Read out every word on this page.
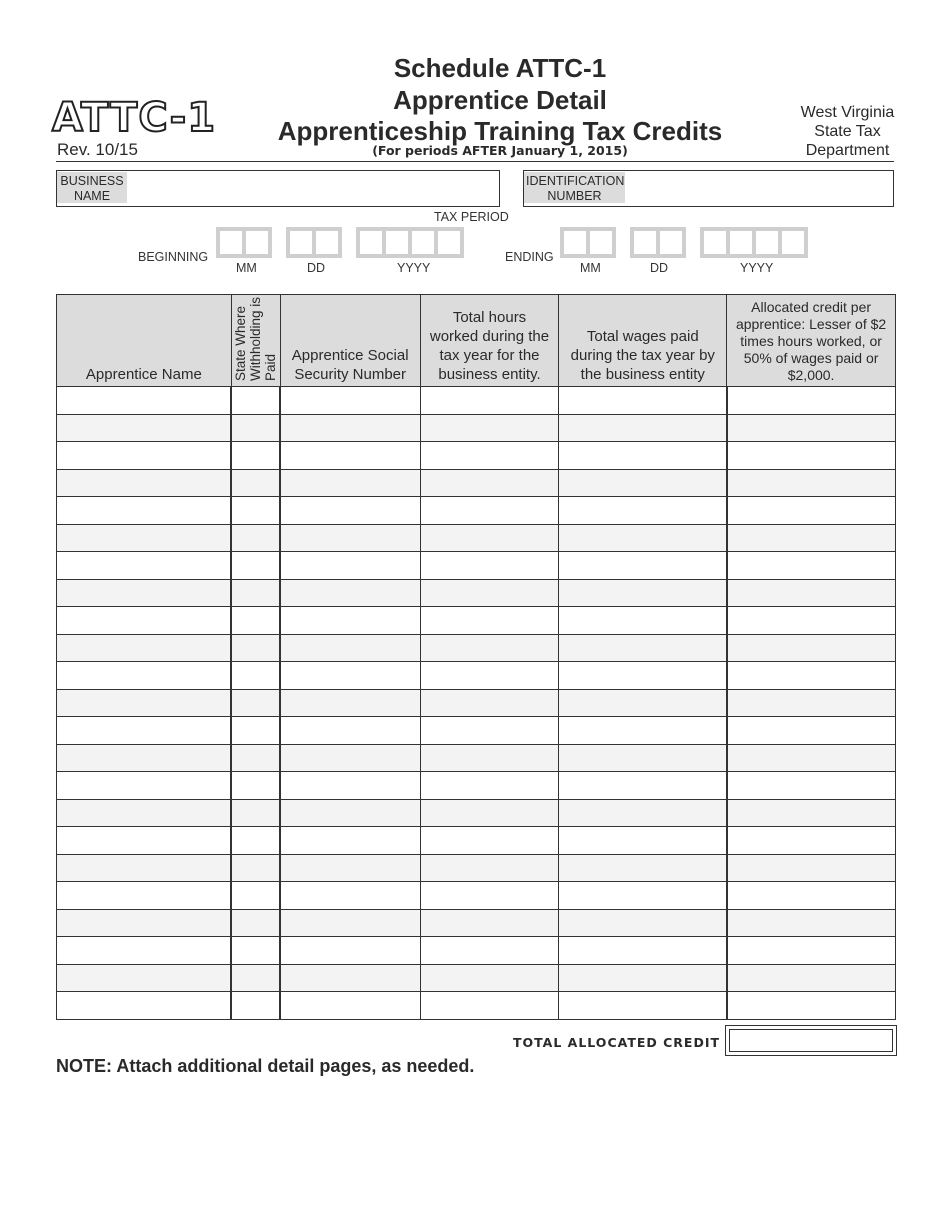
ATTC-1
Rev. 10/15
Schedule ATTC-1
Apprentice Detail
Apprenticeship Training Tax Credits
(For periods AFTER January 1, 2015)
West Virginia
State Tax
Department
BUSINESS
NAME
IDENTIFICATION
NUMBER
TAX PERIOD
BEGINNING	ENDING
MM	DD	YYYY	MM	DD	YYYY
Apprentice Name	State Where Withholding is Paid	Apprentice Social Security Number	Total hours worked during the tax year for the business entity.	Total wages paid during the tax year by the business entity	Allocated credit per apprentice: Lesser of $2 times hours worked, or 50% of wages paid or $2,000.

TOTAL ALLOCATED CREDIT
NOTE: Attach additional detail pages, as needed.
